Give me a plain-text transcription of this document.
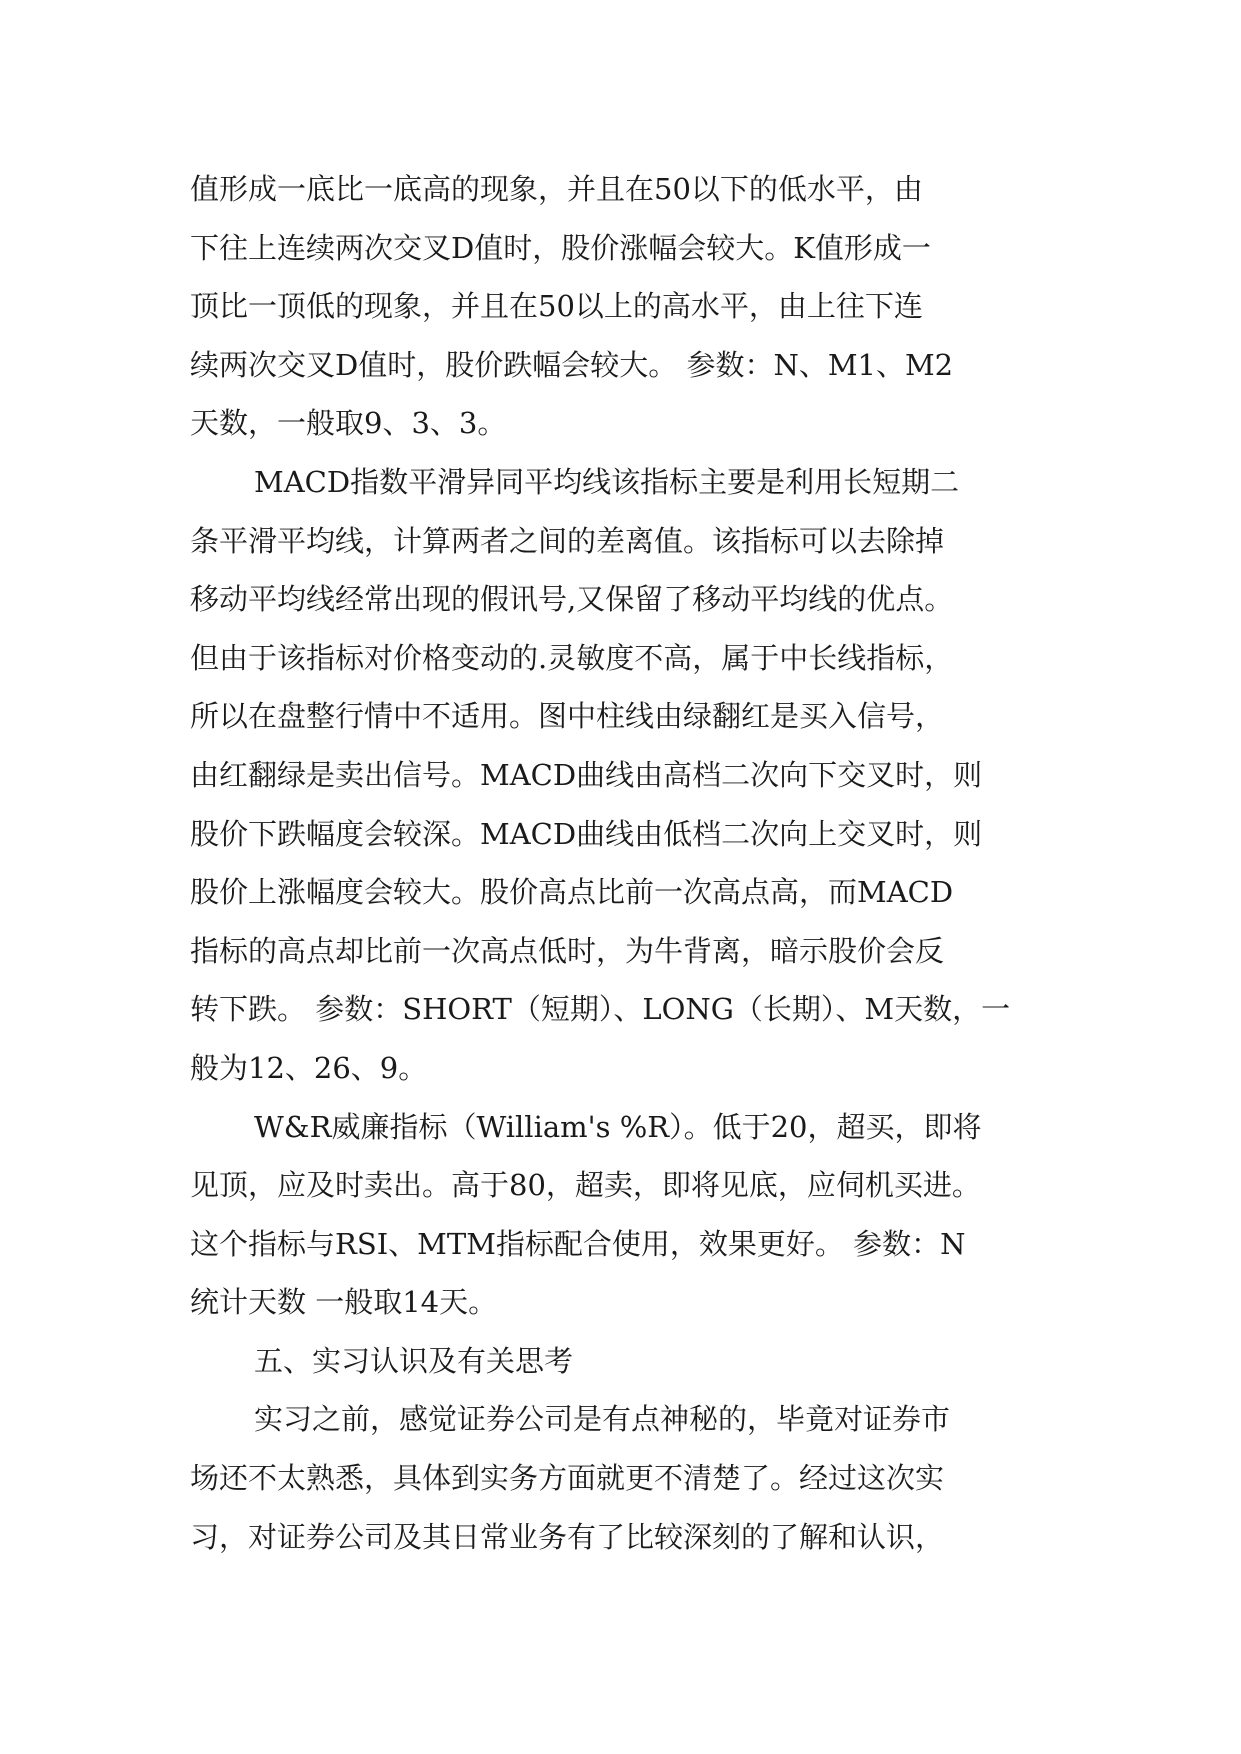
值形成一底比一底高的现象，并且在50以下的低水平，由
下往上连续两次交叉D值时，股价涨幅会较大。K值形成一
顶比一顶低的现象，并且在50以上的高水平，由上往下连
续两次交叉D值时，股价跌幅会较大。 参数：N、M1、M2
天数，一般取9、3、3。
MACD指数平滑异同平均线该指标主要是利用长短期二
条平滑平均线，计算两者之间的差离值。该指标可以去除掉
移动平均线经常出现的假讯号,又保留了移动平均线的优点。
但由于该指标对价格变动的.灵敏度不高，属于中长线指标，
所以在盘整行情中不适用。图中柱线由绿翻红是买入信号，
由红翻绿是卖出信号。MACD曲线由高档二次向下交叉时，则
股价下跌幅度会较深。MACD曲线由低档二次向上交叉时，则
股价上涨幅度会较大。股价高点比前一次高点高，而MACD
指标的高点却比前一次高点低时，为牛背离，暗示股价会反
转下跌。 参数：SHORT（短期）、LONG（长期）、M天数，一
般为12、26、9。
W&R威廉指标（William's %R）。低于20，超买，即将
见顶，应及时卖出。高于80，超卖，即将见底，应伺机买进。
这个指标与RSI、MTM指标配合使用，效果更好。 参数：N
统计天数 一般取14天。
五、实习认识及有关思考
实习之前，感觉证券公司是有点神秘的，毕竟对证券市
场还不太熟悉，具体到实务方面就更不清楚了。经过这次实
习，对证券公司及其日常业务有了比较深刻的了解和认识，
